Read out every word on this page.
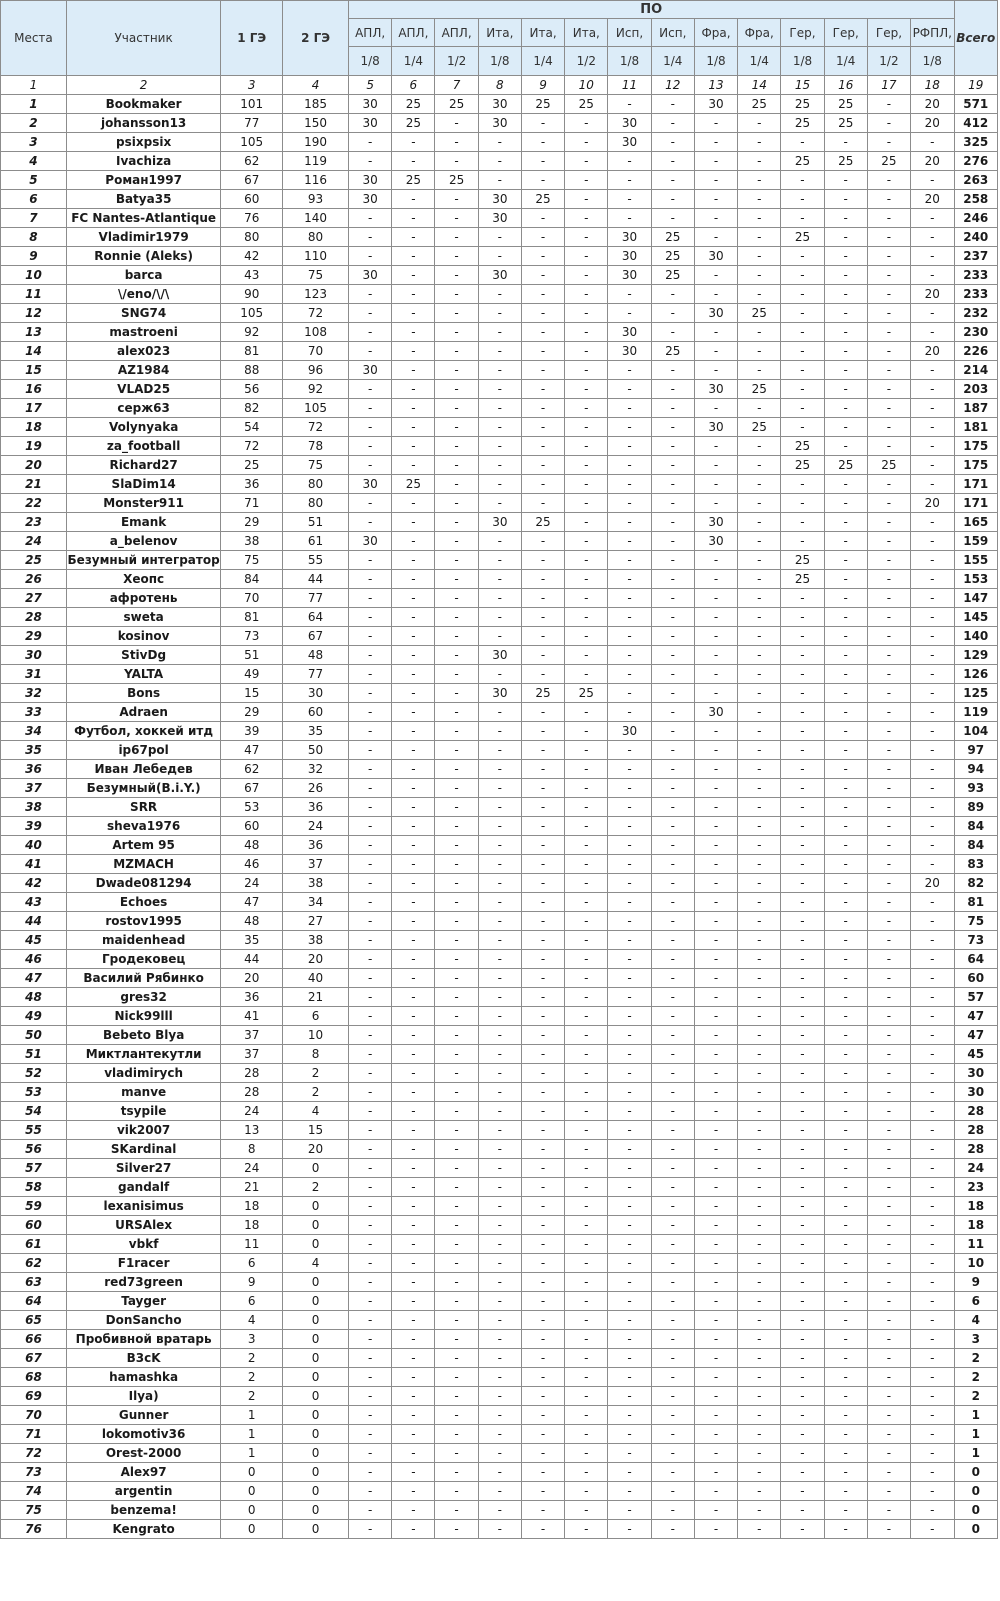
Места	Участник	1 ГЭ	2 ГЭ	ПО														Всего
				АПЛ,	АПЛ,	АПЛ,	Ита,	Ита,	Ита,	Исп,	Исп,	Фра,	Фра,	Гер,	Гер,	Гер,	РФПЛ,	
				1/8	1/4	1/2	1/8	1/4	1/2	1/8	1/4	1/8	1/4	1/8	1/4	1/2	1/8	
1	2	3	4	5	6	7	8	9	10	11	12	13	14	15	16	17	18	19
1	Bookmaker	101	185	30	25	25	30	25	25	-	-	30	25	25	25	-	20	571
2	johansson13	77	150	30	25	-	30	-	-	30	-	-	-	25	25	-	20	412
3	psixpsix	105	190	-	-	-	-	-	-	30	-	-	-	-	-	-	-	325
4	Ivachiza	62	119	-	-	-	-	-	-	-	-	-	-	25	25	25	20	276
5	Роман1997	67	116	30	25	25	-	-	-	-	-	-	-	-	-	-	-	263
6	Batya35	60	93	30	-	-	30	25	-	-	-	-	-	-	-	-	20	258
7	FC Nantes-Atlantique	76	140	-	-	-	30	-	-	-	-	-	-	-	-	-	-	246
8	Vladimir1979	80	80	-	-	-	-	-	-	30	25	-	-	25	-	-	-	240
9	Ronnie (Aleks)	42	110	-	-	-	-	-	-	30	25	30	-	-	-	-	-	237
10	barca	43	75	30	-	-	30	-	-	30	25	-	-	-	-	-	-	233
11	\/eno/\/\	90	123	-	-	-	-	-	-	-	-	-	-	-	-	-	20	233
12	SNG74	105	72	-	-	-	-	-	-	-	-	30	25	-	-	-	-	232
13	mastroeni	92	108	-	-	-	-	-	-	30	-	-	-	-	-	-	-	230
14	alex023	81	70	-	-	-	-	-	-	30	25	-	-	-	-	-	20	226
15	AZ1984	88	96	30	-	-	-	-	-	-	-	-	-	-	-	-	-	214
16	VLAD25	56	92	-	-	-	-	-	-	-	-	30	25	-	-	-	-	203
17	серж63	82	105	-	-	-	-	-	-	-	-	-	-	-	-	-	-	187
18	Volynyaka	54	72	-	-	-	-	-	-	-	-	30	25	-	-	-	-	181
19	za_football	72	78	-	-	-	-	-	-	-	-	-	-	25	-	-	-	175
20	Richard27	25	75	-	-	-	-	-	-	-	-	-	-	25	25	25	-	175
21	SlaDim14	36	80	30	25	-	-	-	-	-	-	-	-	-	-	-	-	171
22	Monster911	71	80	-	-	-	-	-	-	-	-	-	-	-	-	-	20	171
23	Emank	29	51	-	-	-	30	25	-	-	-	30	-	-	-	-	-	165
24	a_belenov	38	61	30	-	-	-	-	-	-	-	30	-	-	-	-	-	159
25	Безумный интегратор	75	55	-	-	-	-	-	-	-	-	-	-	25	-	-	-	155
26	Хеопс	84	44	-	-	-	-	-	-	-	-	-	-	25	-	-	-	153
27	афротень	70	77	-	-	-	-	-	-	-	-	-	-	-	-	-	-	147
28	sweta	81	64	-	-	-	-	-	-	-	-	-	-	-	-	-	-	145
29	kosinov	73	67	-	-	-	-	-	-	-	-	-	-	-	-	-	-	140
30	StivDg	51	48	-	-	-	30	-	-	-	-	-	-	-	-	-	-	129
31	YALTA	49	77	-	-	-	-	-	-	-	-	-	-	-	-	-	-	126
32	Bons	15	30	-	-	-	30	25	25	-	-	-	-	-	-	-	-	125
33	Adraen	29	60	-	-	-	-	-	-	-	-	30	-	-	-	-	-	119
34	Футбол, хоккей итд	39	35	-	-	-	-	-	-	30	-	-	-	-	-	-	-	104
35	ip67pol	47	50	-	-	-	-	-	-	-	-	-	-	-	-	-	-	97
36	Иван Лебедев	62	32	-	-	-	-	-	-	-	-	-	-	-	-	-	-	94
37	Безумный(B.i.Y.)	67	26	-	-	-	-	-	-	-	-	-	-	-	-	-	-	93
38	SRR	53	36	-	-	-	-	-	-	-	-	-	-	-	-	-	-	89
39	sheva1976	60	24	-	-	-	-	-	-	-	-	-	-	-	-	-	-	84
40	Artem 95	48	36	-	-	-	-	-	-	-	-	-	-	-	-	-	-	84
41	MZMACH	46	37	-	-	-	-	-	-	-	-	-	-	-	-	-	-	83
42	Dwade081294	24	38	-	-	-	-	-	-	-	-	-	-	-	-	-	20	82
43	Echoes	47	34	-	-	-	-	-	-	-	-	-	-	-	-	-	-	81
44	rostov1995	48	27	-	-	-	-	-	-	-	-	-	-	-	-	-	-	75
45	maidenhead	35	38	-	-	-	-	-	-	-	-	-	-	-	-	-	-	73
46	Гродековец	44	20	-	-	-	-	-	-	-	-	-	-	-	-	-	-	64
47	Василий Рябинко	20	40	-	-	-	-	-	-	-	-	-	-	-	-	-	-	60
48	gres32	36	21	-	-	-	-	-	-	-	-	-	-	-	-	-	-	57
49	Nick99lll	41	6	-	-	-	-	-	-	-	-	-	-	-	-	-	-	47
50	Bebeto Blya	37	10	-	-	-	-	-	-	-	-	-	-	-	-	-	-	47
51	Миктлантекутли	37	8	-	-	-	-	-	-	-	-	-	-	-	-	-	-	45
52	vladimirych	28	2	-	-	-	-	-	-	-	-	-	-	-	-	-	-	30
53	manve	28	2	-	-	-	-	-	-	-	-	-	-	-	-	-	-	30
54	tsypile	24	4	-	-	-	-	-	-	-	-	-	-	-	-	-	-	28
55	vik2007	13	15	-	-	-	-	-	-	-	-	-	-	-	-	-	-	28
56	SKardinal	8	20	-	-	-	-	-	-	-	-	-	-	-	-	-	-	28
57	Silver27	24	0	-	-	-	-	-	-	-	-	-	-	-	-	-	-	24
58	gandalf	21	2	-	-	-	-	-	-	-	-	-	-	-	-	-	-	23
59	lexanisimus	18	0	-	-	-	-	-	-	-	-	-	-	-	-	-	-	18
60	URSAlex	18	0	-	-	-	-	-	-	-	-	-	-	-	-	-	-	18
61	vbkf	11	0	-	-	-	-	-	-	-	-	-	-	-	-	-	-	11
62	F1racer	6	4	-	-	-	-	-	-	-	-	-	-	-	-	-	-	10
63	red73green	9	0	-	-	-	-	-	-	-	-	-	-	-	-	-	-	9
64	Tayger	6	0	-	-	-	-	-	-	-	-	-	-	-	-	-	-	6
65	DonSancho	4	0	-	-	-	-	-	-	-	-	-	-	-	-	-	-	4
66	Пробивной вратарь	3	0	-	-	-	-	-	-	-	-	-	-	-	-	-	-	3
67	B3cK	2	0	-	-	-	-	-	-	-	-	-	-	-	-	-	-	2
68	hamashka	2	0	-	-	-	-	-	-	-	-	-	-	-	-	-	-	2
69	Ilya)	2	0	-	-	-	-	-	-	-	-	-	-	-	-	-	-	2
70	Gunner	1	0	-	-	-	-	-	-	-	-	-	-	-	-	-	-	1
71	lokomotiv36	1	0	-	-	-	-	-	-	-	-	-	-	-	-	-	-	1
72	Orest-2000	1	0	-	-	-	-	-	-	-	-	-	-	-	-	-	-	1
73	Alex97	0	0	-	-	-	-	-	-	-	-	-	-	-	-	-	-	0
74	argentin	0	0	-	-	-	-	-	-	-	-	-	-	-	-	-	-	0
75	benzema!	0	0	-	-	-	-	-	-	-	-	-	-	-	-	-	-	0
76	Kengrato	0	0	-	-	-	-	-	-	-	-	-	-	-	-	-	-	0
